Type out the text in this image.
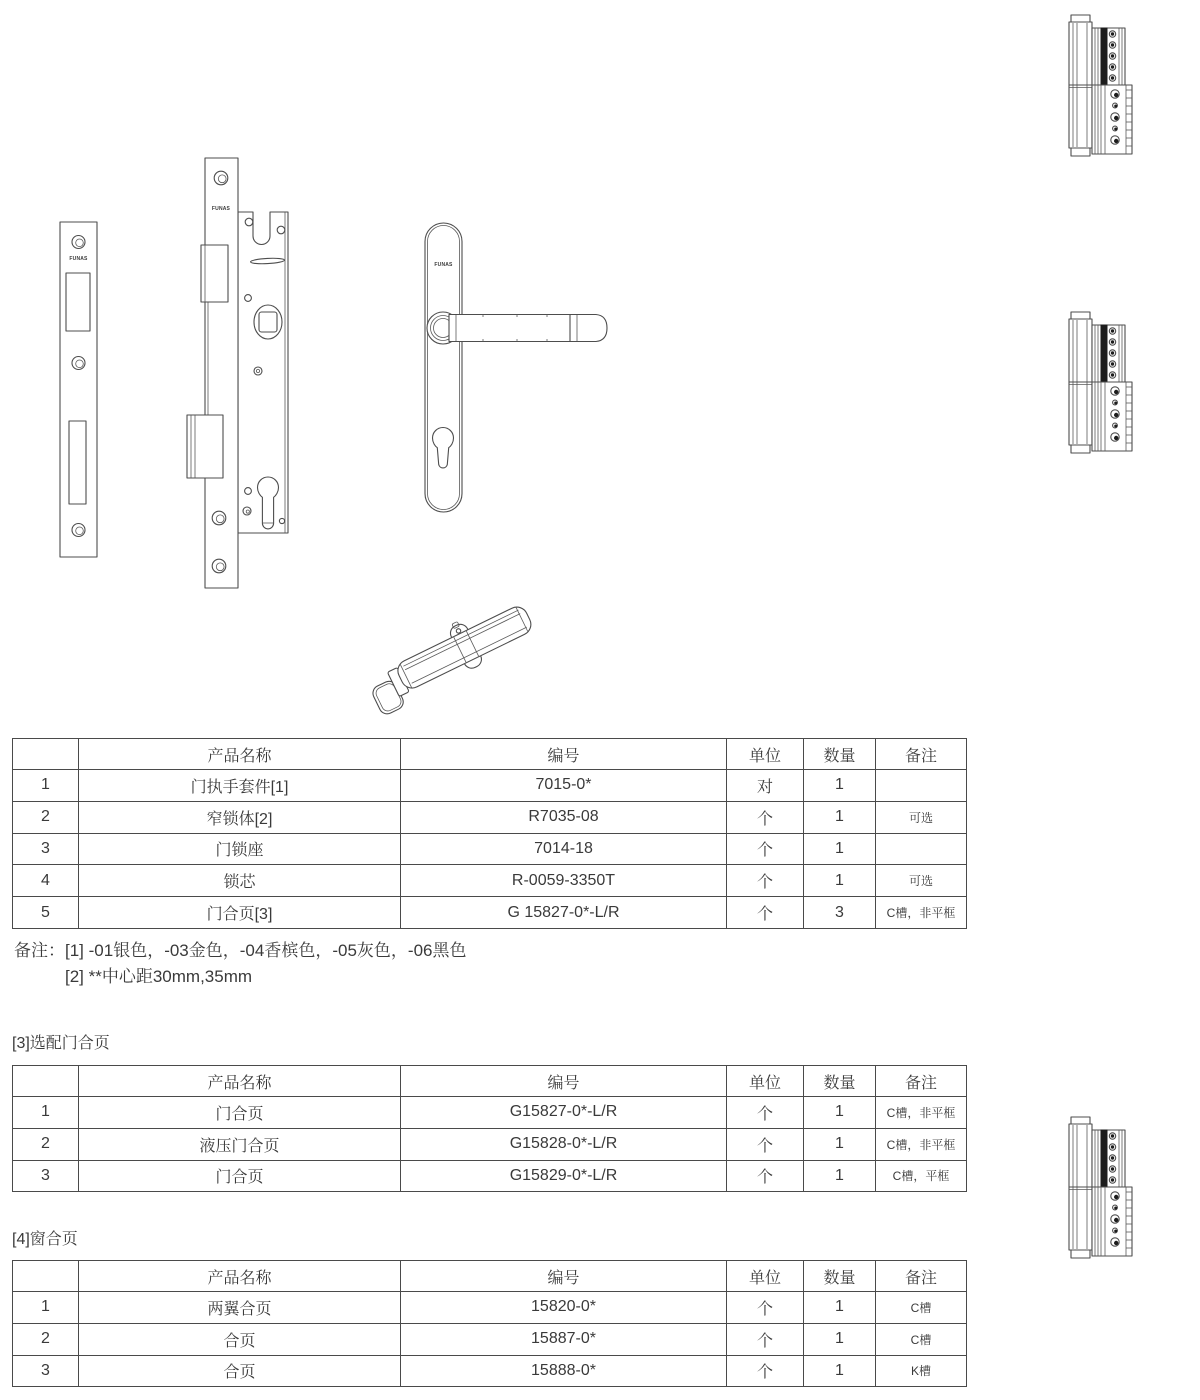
FUNAS
FUNAS
FUNAS
	产品名称	编号	单位	数量	备注
1	门执手套件[1]	7015-0*	对	1	
2	窄锁体[2]	R7035-08	个	1	可选
3	门锁座	7014-18	个	1	
4	锁芯	R-0059-3350T	个	1	可选
5	门合页[3]	G 15827-0*-L/R	个	3	C槽，非平框
备注： [1] -01银色，-03金色，-04香槟色，-05灰色，-06黑色
[2] **中心距30mm,35mm
[3]选配门合页
	产品名称	编号	单位	数量	备注
1	门合页	G15827-0*-L/R	个	1	C槽，非平框
2	液压门合页	G15828-0*-L/R	个	1	C槽，非平框
3	门合页	G15829-0*-L/R	个	1	C槽，平框
[4]窗合页
	产品名称	编号	单位	数量	备注
1	两翼合页	15820-0*	个	1	C槽
2	合页	15887-0*	个	1	C槽
3	合页	15888-0*	个	1	K槽
